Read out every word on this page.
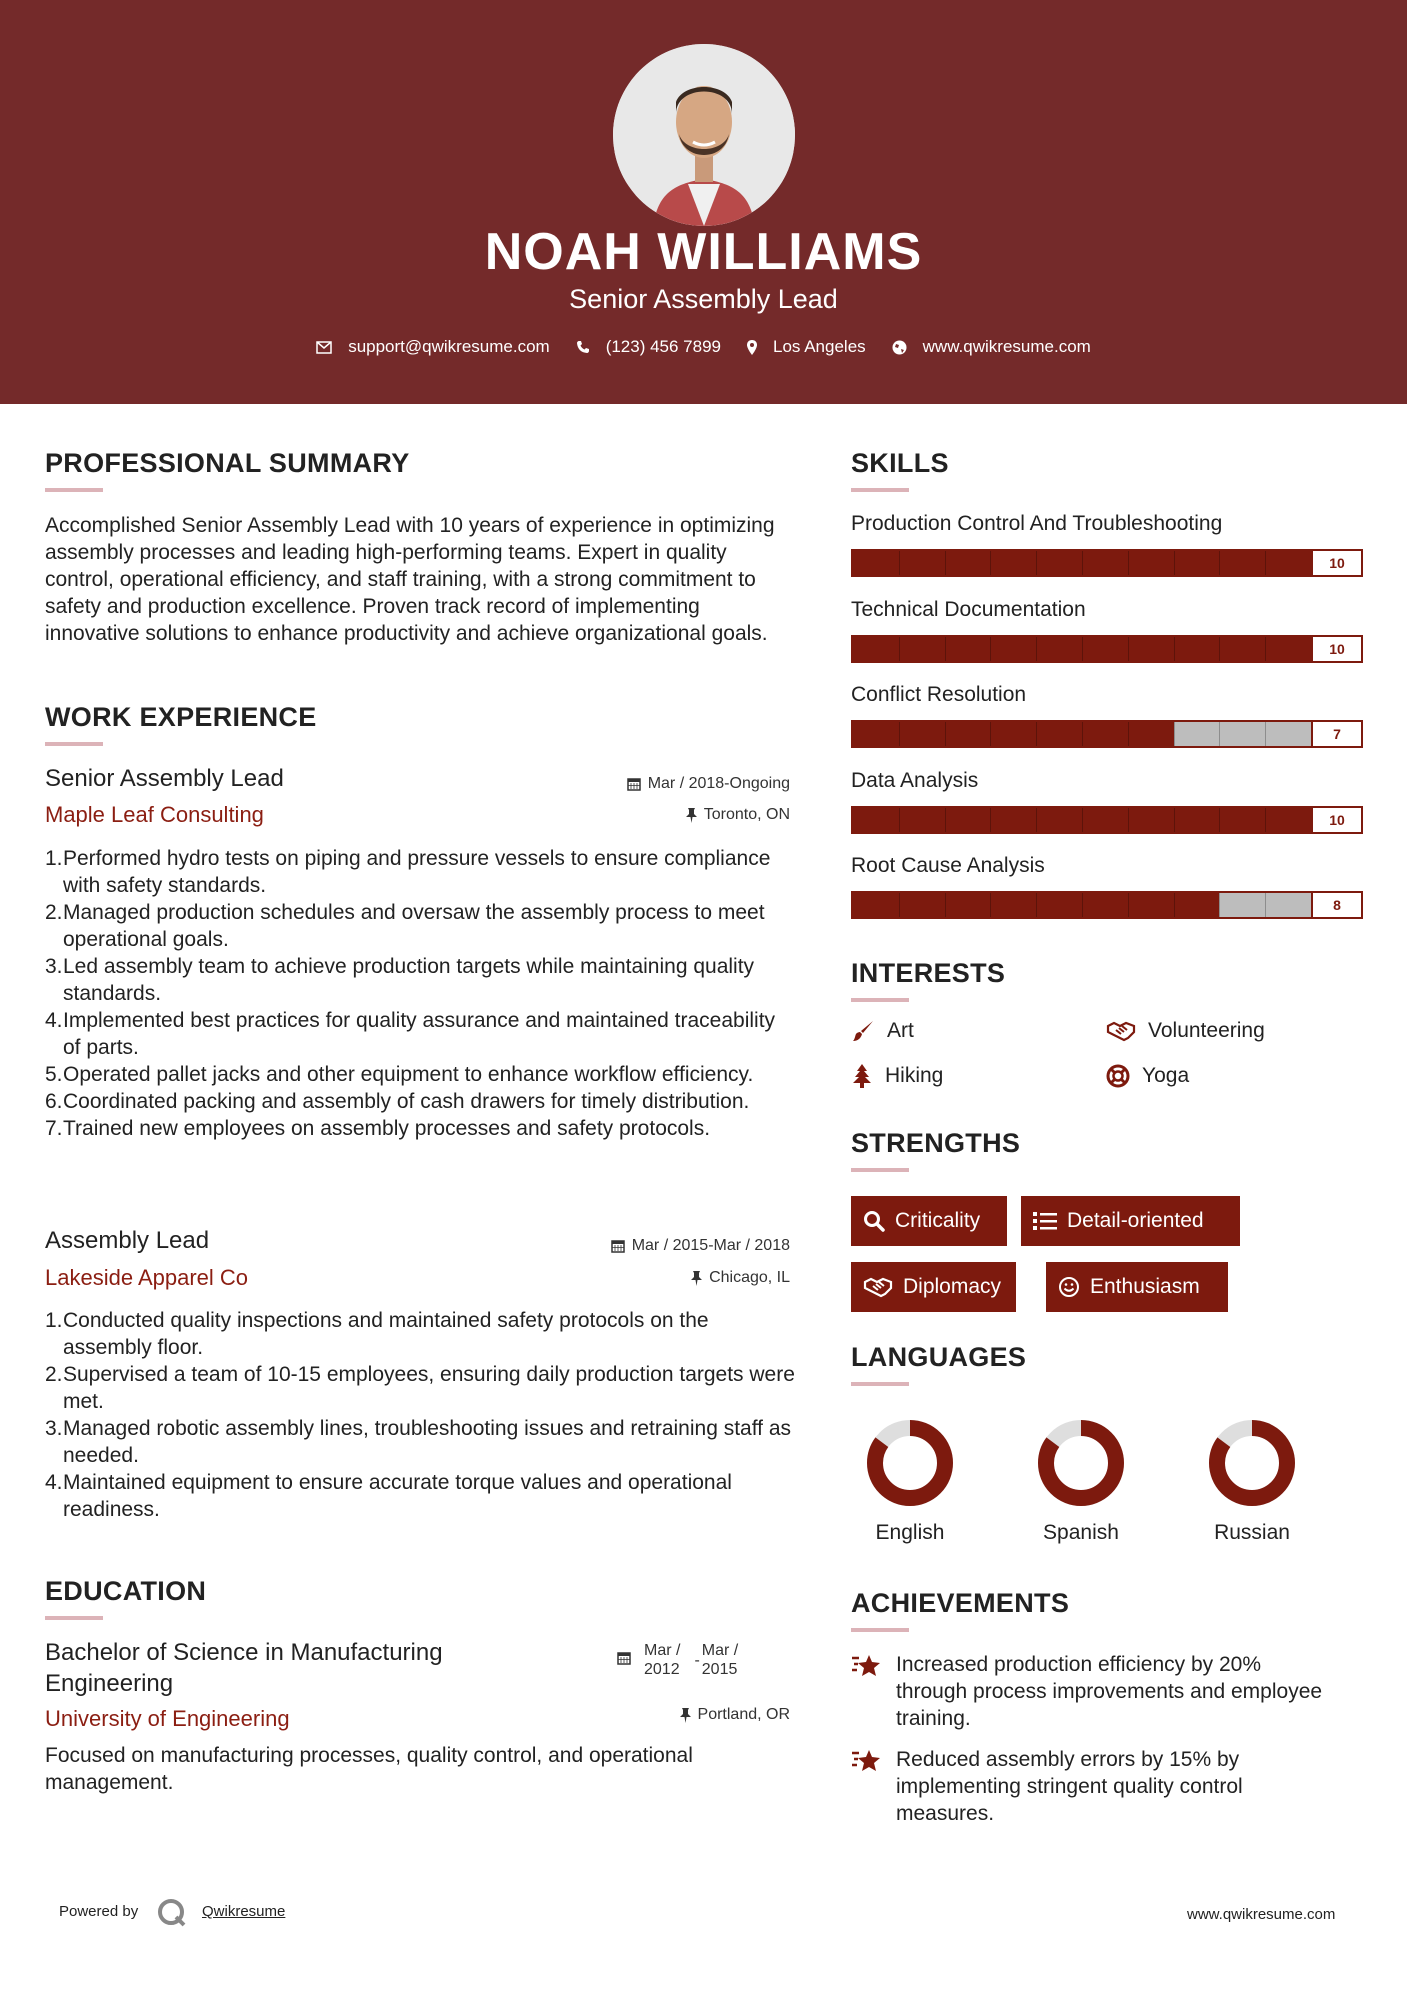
NOAH WILLIAMS
Senior Assembly Lead
support@qwikresume.com	(123) 456 7899	Los Angeles	www.qwikresume.com
PROFESSIONAL SUMMARY
Accomplished Senior Assembly Lead with 10 years of experience in optimizing assembly processes and leading high-performing teams. Expert in quality control, operational efficiency, and staff training, with a strong commitment to safety and production excellence. Proven track record of implementing innovative solutions to enhance productivity and achieve organizational goals.
WORK EXPERIENCE
Senior Assembly Lead	Mar / 2018-Ongoing
Maple Leaf Consulting	Toronto, ON
1. Performed hydro tests on piping and pressure vessels to ensure compliance with safety standards.
2. Managed production schedules and oversaw the assembly process to meet operational goals.
3. Led assembly team to achieve production targets while maintaining quality standards.
4. Implemented best practices for quality assurance and maintained traceability of parts.
5. Operated pallet jacks and other equipment to enhance workflow efficiency.
6. Coordinated packing and assembly of cash drawers for timely distribution.
7. Trained new employees on assembly processes and safety protocols.
Assembly Lead	Mar / 2015-Mar / 2018
Lakeside Apparel Co	Chicago, IL
1. Conducted quality inspections and maintained safety protocols on the assembly floor.
2. Supervised a team of 10-15 employees, ensuring daily production targets were met.
3. Managed robotic assembly lines, troubleshooting issues and retraining staff as needed.
4. Maintained equipment to ensure accurate torque values and operational readiness.
EDUCATION
Bachelor of Science in Manufacturing
Engineering
Mar /
2012
-
Mar /
2015
University of Engineering	Portland, OR
Focused on manufacturing processes, quality control, and operational management.
SKILLS
Production Control And Troubleshooting
10
Technical Documentation
10
Conflict Resolution
7
Data Analysis
10
Root Cause Analysis
8
INTERESTS
Art	Volunteering
Hiking	Yoga
STRENGTHS
Criticality	Detail-oriented
Diplomacy	Enthusiasm
LANGUAGES
English	Spanish	Russian
ACHIEVEMENTS
Increased production efficiency by 20% through process improvements and employee training.
Reduced assembly errors by 15% by implementing stringent quality control measures.
Powered by	Qwikresume	www.qwikresume.com
